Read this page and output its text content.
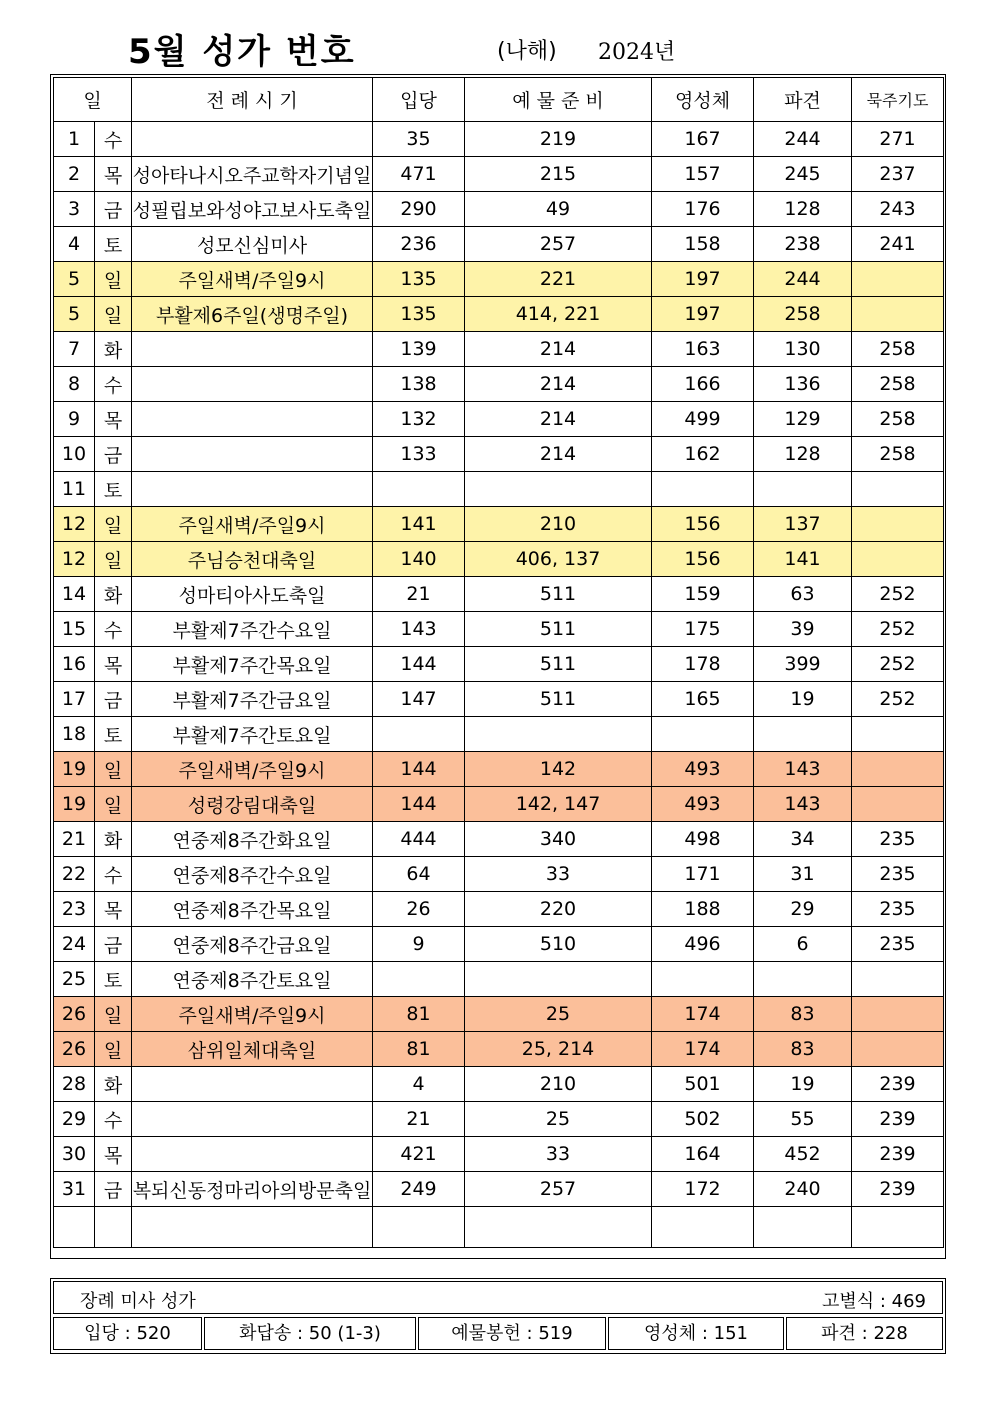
5월 성가 번호	(나해) 2024년
일		전 례 시 기	입당	예 물 준 비	영성체	파견	묵주기도
1	수		35	219	167	244	271
2	목	성아타나시오주교학자기념일	471	215	157	245	237
3	금	성필립보와성야고보사도축일	290	49	176	128	243
4	토	성모신심미사	236	257	158	238	241
5	일	주일새벽/주일9시	135	221	197	244	
5	일	부활제6주일(생명주일)	135	414, 221	197	258	
7	화		139	214	163	130	258
8	수		138	214	166	136	258
9	목		132	214	499	129	258
10	금		133	214	162	128	258
11	토						
12	일	주일새벽/주일9시	141	210	156	137	
12	일	주님승천대축일	140	406, 137	156	141	
14	화	성마티아사도축일	21	511	159	63	252
15	수	부활제7주간수요일	143	511	175	39	252
16	목	부활제7주간목요일	144	511	178	399	252
17	금	부활제7주간금요일	147	511	165	19	252
18	토	부활제7주간토요일					
19	일	주일새벽/주일9시	144	142	493	143	
19	일	성령강림대축일	144	142, 147	493	143	
21	화	연중제8주간화요일	444	340	498	34	235
22	수	연중제8주간수요일	64	33	171	31	235
23	목	연중제8주간목요일	26	220	188	29	235
24	금	연중제8주간금요일	9	510	496	6	235
25	토	연중제8주간토요일					
26	일	주일새벽/주일9시	81	25	174	83	
26	일	삼위일체대축일	81	25, 214	174	83	
28	화		4	210	501	19	239
29	수		21	25	502	55	239
30	목		421	33	164	452	239
31	금	복되신동정마리아의방문축일	249	257	172	240	239

장례 미사 성가	고별식 : 469
입당 : 520	화답송 : 50 (1-3)	예물봉헌 : 519	영성체 : 151	파견 : 228
